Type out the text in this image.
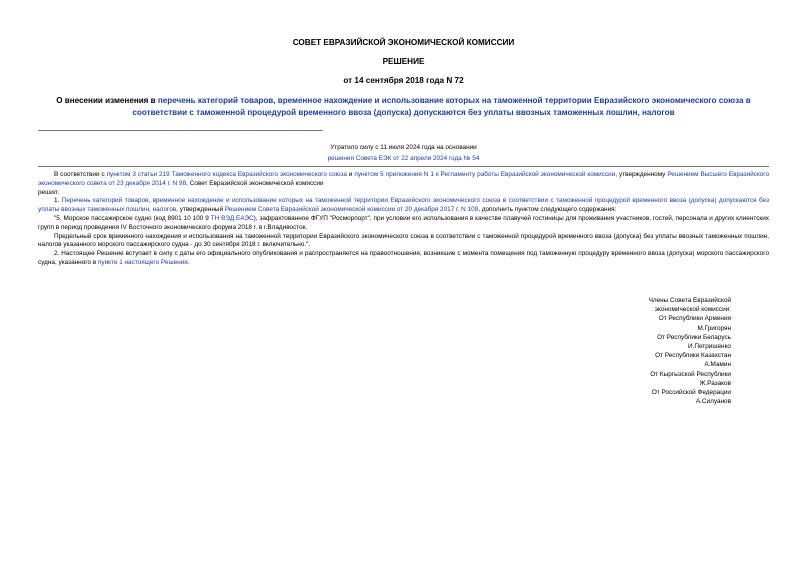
СОВЕТ ЕВРАЗИЙСКОЙ ЭКОНОМИЧЕСКОЙ КОМИССИИ
РЕШЕНИЕ
от 14 сентября 2018 года N 72
О внесении изменения в перечень категорий товаров, временное нахождение и использование которых на таможенной территории Евразийского экономического союза в соответствии с таможенной процедурой временного ввоза (допуска) допускаются без уплаты ввозных таможенных пошлин, налогов
Утратило силу с 11 июля 2024 года на основании
решения Совета ЕЭК от 22 апреля 2024 года № 54

В соответствии с пунктом 3 статьи 219 Таможенного кодекса Евразийского экономического союза и пунктом 5 приложения N 1 к Регламенту работы Евразийской экономической комиссии, утвержденному Решением Высшего Евразийского экономического совета от 23 декабря 2014 г. N 98, Совет Евразийской экономической комиссии

решил:

1. Перечень категорий товаров, временное нахождение и использование которых на таможенной территории Евразийского экономического союза в соответствии с таможенной процедурой временного ввоза (допуска) допускаются без уплаты ввозных таможенных пошлин, налогов, утвержденный Решением Совета Евразийской экономической комиссии от 20 декабря 2017 г. N 109, дополнить пунктом следующего содержания:

"5. Морское пассажирское судно (код 8901 10 100 9 ТН ВЭД ЕАЭС), зафрахтованное ФГУП "Росморпорт", при условии его использования в качестве плавучей гостиницы для проживания участников, гостей, персонала и других клиентских групп в период проведения IV Восточного экономического форума 2018 г. в г.Владивосток.

Предельный срок временного нахождения и использования на таможенной территории Евразийского экономического союза в соответствии с таможенной процедурой временного ввоза (допуска) без уплаты ввозных таможенных пошлин, налогов указанного морского пассажирского судна - до 30 сентября 2018 г. включительно.".

2. Настоящее Решение вступает в силу с даты его официального опубликования и распространяется на правоотношения, возникшие с момента помещения под таможенную процедуру временного ввоза (допуска) морского пассажирского судна, указанного в пункте 1 настоящего Решения.

Члены Совета Евразийской
экономической комиссии:
От Республики Армения
М.Григорян
От Республики Беларусь
И.Петришенко
От Республики Казахстан
А.Мамин
От Кыргызской Республики
Ж.Разаков
От Российской Федерации
А.Силуанов
